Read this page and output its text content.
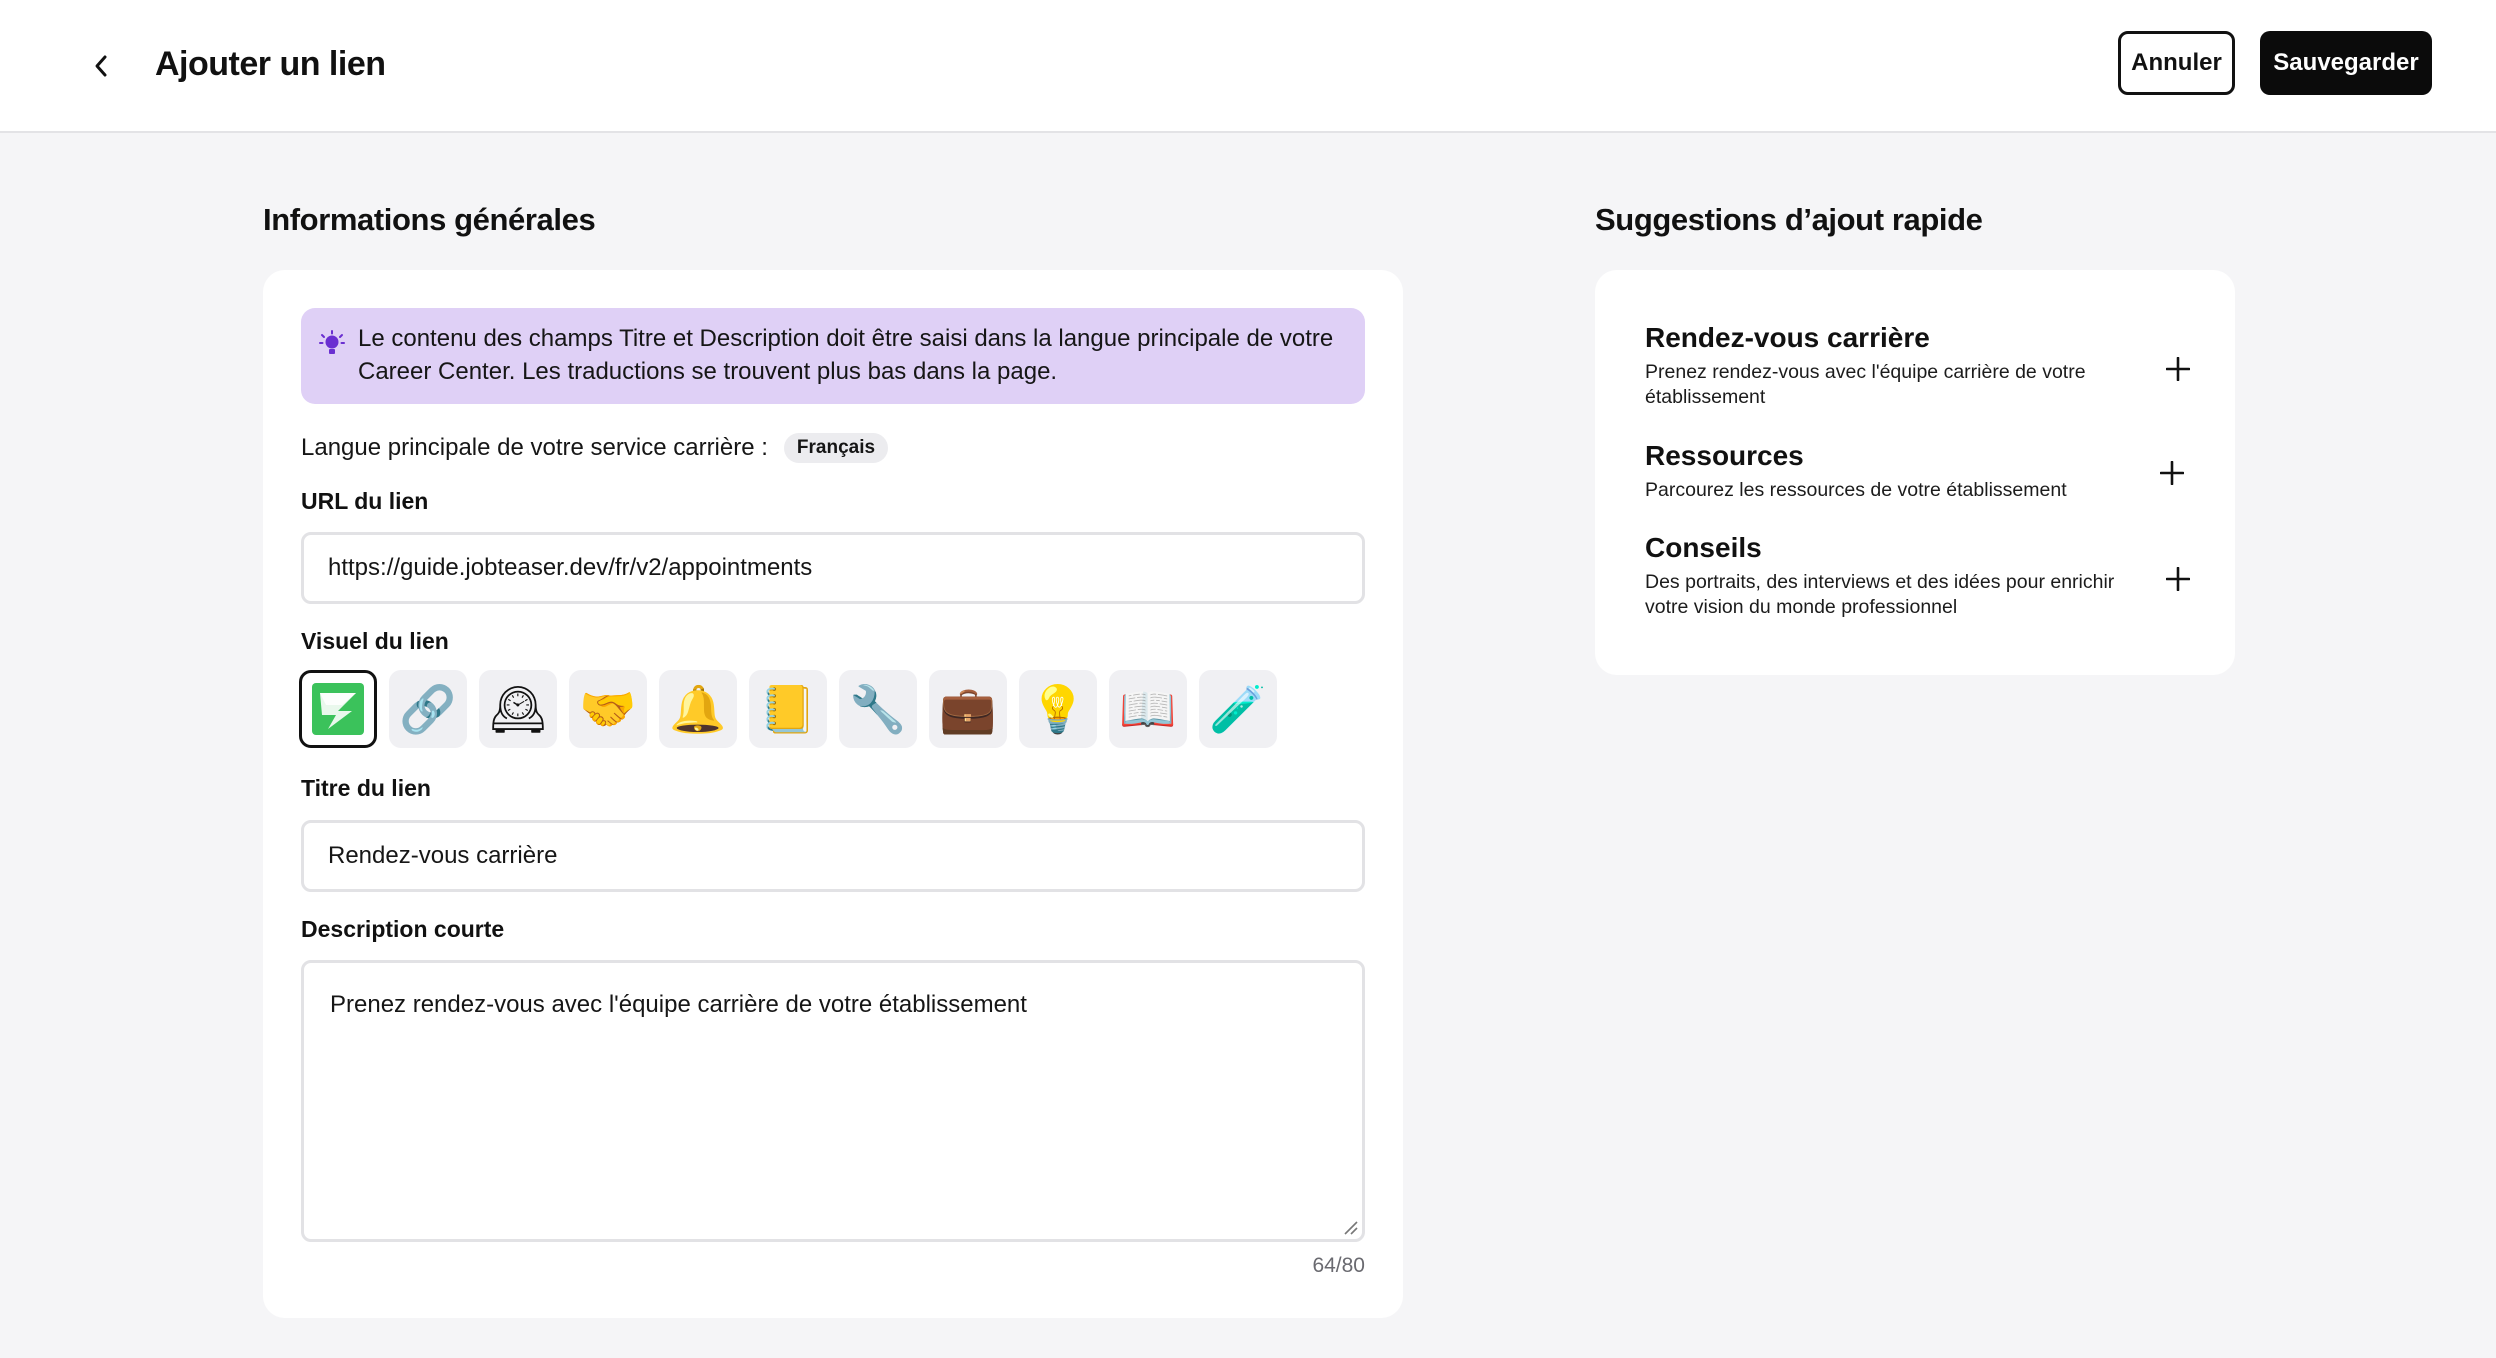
Ajouter un lien	Annuler	Sauvegarder
Informations générales
Le contenu des champs Titre et Description doit être saisi dans la langue principale de votre Career Center. Les traductions se trouvent plus bas dans la page.
Langue principale de votre service carrière :	Français
URL du lien
https://guide.jobteaser.dev/fr/v2/appointments
Visuel du lien
🔗 🕰 🤝 🔔 📒 🔧 💼 💡 📖 🧪
Titre du lien
Rendez-vous carrière
Description courte
Prenez rendez-vous avec l'équipe carrière de votre établissement
64/80
Suggestions d’ajout rapide
Rendez-vous carrière
Prenez rendez-vous avec l'équipe carrière de votre établissement
Ressources
Parcourez les ressources de votre établissement
Conseils
Des portraits, des interviews et des idées pour enrichir votre vision du monde professionnel
